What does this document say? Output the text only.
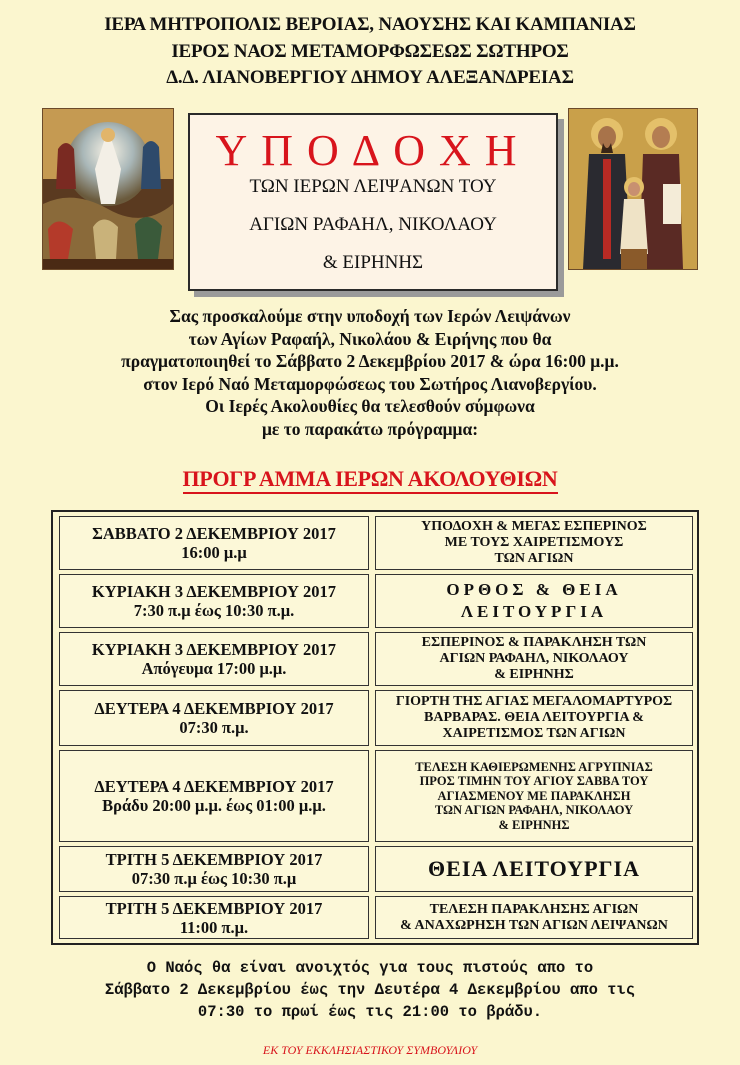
ΙΕΡΑ ΜΗΤΡΟΠΟΛΙΣ ΒΕΡΟΙΑΣ, ΝΑΟΥΣΗΣ ΚΑΙ ΚΑΜΠΑΝΙΑΣ
ΙΕΡΟΣ ΝΑΟΣ ΜΕΤΑΜΟΡΦΩΣΕΩΣ ΣΩΤΗΡΟΣ
Δ.Δ. ΛΙΑΝΟΒΕΡΓΙΟΥ ΔΗΜΟΥ ΑΛΕΞΑΝΔΡΕΙΑΣ
ΥΠΟΔΟΧΗ
ΤΩΝ ΙΕΡΩΝ ΛΕΙΨΑΝΩΝ ΤΟΥ
ΑΓΙΩΝ ΡΑΦΑΗΛ, ΝΙΚΟΛΑΟΥ
& ΕΙΡΗΝΗΣ
Σας προσκαλούμε στην υποδοχή των Ιερών Λειψάνων
των Αγίων Ραφαήλ, Νικολάου & Ειρήνης που θα
πραγματοποιηθεί το Σάββατο 2 Δεκεμβρίου 2017 & ώρα 16:00 μ.μ.
στον Ιερό Ναό Μεταμορφώσεως του Σωτήρος Λιανοβεργίου.
Οι Ιερές Ακολουθίες θα τελεσθούν σύμφωνα
με το παρακάτω πρόγραμμα:
ΠΡΟΓΡ ΑΜΜΑ ΙΕΡΩΝ ΑΚΟΛΟΥΘΙΩΝ
ΣΑΒΒΑΤΟ 2 ΔΕΚΕΜΒΡΙΟΥ 2017
16:00 μ.μ
ΥΠΟΔΟΧΗ & ΜΕΓΑΣ ΕΣΠΕΡΙΝΟΣ
ΜΕ ΤΟΥΣ ΧΑΙΡΕΤΙΣΜΟΥΣ
ΤΩΝ ΑΓΙΩΝ
ΚΥΡΙΑΚΗ 3 ΔΕΚΕΜΒΡΙΟΥ 2017
7:30 π.μ έως 10:30 π.μ.
ΟΡΘΟΣ & ΘΕΙΑ
ΛΕΙΤΟΥΡΓΙΑ
ΚΥΡΙΑΚΗ 3 ΔΕΚΕΜΒΡΙΟΥ 2017
Απόγευμα 17:00 μ.μ.
ΕΣΠΕΡΙΝΟΣ & ΠΑΡΑΚΛΗΣΗ ΤΩΝ
ΑΓΙΩΝ ΡΑΦΑΗΛ, ΝΙΚΟΛΑΟΥ
& ΕΙΡΗΝΗΣ
ΔΕΥΤΕΡΑ 4 ΔΕΚΕΜΒΡΙΟΥ 2017
07:30 π.μ.
ΓΙΟΡΤΗ ΤΗΣ ΑΓΙΑΣ ΜΕΓΑΛΟΜΑΡΤΥΡΟΣ
ΒΑΡΒΑΡΑΣ. ΘΕΙΑ ΛΕΙΤΟΥΡΓΙΑ &
ΧΑΙΡΕΤΙΣΜΟΣ ΤΩΝ ΑΓΙΩΝ
ΔΕΥΤΕΡΑ 4 ΔΕΚΕΜΒΡΙΟΥ 2017
Βράδυ 20:00 μ.μ. έως 01:00 μ.μ.
ΤΕΛΕΣΗ ΚΑΘΙΕΡΩΜΕΝΗΣ ΑΓΡΥΠΝΙΑΣ
ΠΡΟΣ ΤΙΜΗΝ ΤΟΥ ΑΓΙΟΥ ΣΑΒΒΑ ΤΟΥ
ΑΓΙΑΣΜΕΝΟΥ ΜΕ ΠΑΡΑΚΛΗΣΗ
ΤΩΝ ΑΓΙΩΝ ΡΑΦΑΗΛ, ΝΙΚΟΛΑΟΥ
& ΕΙΡΗΝΗΣ
ΤΡΙΤΗ 5 ΔΕΚΕΜΒΡΙΟΥ 2017
07:30 π.μ έως 10:30 π.μ	ΘΕΙΑ ΛΕΙΤΟΥΡΓΙΑ
ΤΡΙΤΗ 5 ΔΕΚΕΜΒΡΙΟΥ 2017
11:00 π.μ.
ΤΕΛΕΣΗ ΠΑΡΑΚΛΗΣΗΣ ΑΓΙΩΝ
& ΑΝΑΧΩΡΗΣΗ ΤΩΝ ΑΓΙΩΝ ΛΕΙΨΑΝΩΝ
Ο Ναός θα είναι ανοιχτός για τους πιστούς απο το
Σάββατο 2 Δεκεμβρίου έως την Δευτέρα 4 Δεκεμβρίου απο τις
07:30 το πρωί έως τις 21:00 το βράδυ.
ΕΚ ΤΟΥ ΕΚΚΛΗΣΙΑΣΤΙΚΟΥ ΣΥΜΒΟΥΛΙΟΥ
